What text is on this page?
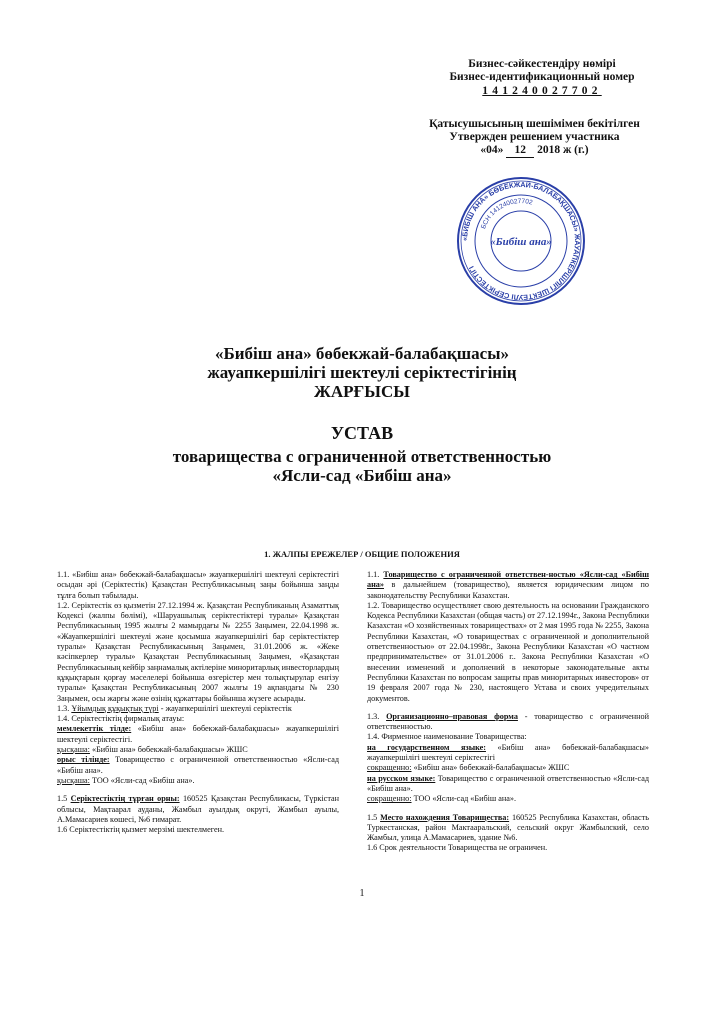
Бизнес-сәйкестендіру нөмірі
Бизнес-идентификационный номер
141240027702
Қатысушысының шешімімен бекітілген
Утвержден решением участника
«04» 12 2018 ж (г.)
«БИБІШ АНА» БӨБЕКЖАЙ-БАЛАБАҚШАСЫ» ЖАУАПКЕРШІЛІГІ ШЕКТЕУЛІ СЕРІКТЕСТІГІ
БСН 141240027702
«Бибіш ана»
«Бибіш ана» бөбекжай-балабақшасы»
жауапкершілігі шектеулі серіктестігінің
ЖАРҒЫСЫ
УСТАВ
товарищества с ограниченной ответственностью
«Ясли-сад «Бибіш ана»
1. ЖАЛПЫ ЕРЕЖЕЛЕР / ОБЩИЕ ПОЛОЖЕНИЯ

1.1. «Бибіш ана» бөбекжай-балабақшасы» жауапкершілігі шектеулі серіктестігі осыдан әрі (Серіктестік) Қазақстан Республикасының заңы бойынша заңды тұлға болып табылады.

1.2. Серіктестік өз қызметін 27.12.1994 ж. Қазақстан Республиканың Азаматтық Кодексі (жалпы бөлімі), «Шаруашылық серіктестіктері туралы» Қазақстан Республикасының 1995 жылғы 2 мамырдағы № 2255 Заңымен, 22.04.1998 ж. «Жауапкершілігі шектеулі және қосымша жауапкершілігі бар серіктестіктер туралы» Қазақстан Республикасының Заңымен, 31.01.2006 ж. «Жеке кәсіпкерлер туралы» Қазақстан Республикасының Заңымен, «Қазақстан Республикасының кейбір заңнамалық актілеріне миноритарлық инвесторлардың құқықтарын қорғау мәселелері бойынша өзгерістер мен толықтырулар енгізу туралы» Қазақстан Республикасының 2007 жылғы 19 ақпандағы № 230 Заңымен, осы жарғы және өзінің құжаттары бойынша жүзеге асырады.

1.3. Ұйымдық құқықтық түрі - жауапкершілігі шектеулі серіктестік

1.4. Серіктестіктің фирмалық атауы:

мемлекеттік тілде: «Бибіш ана» бөбекжай-балабақшасы» жауапкершілігі шектеулі серіктестігі.

қысқаша: «Бибіш ана» бөбекжай-балабақшасы» ЖШС

орыс тілінде: Товарищество с ограниченной ответственностью «Ясли-сад «Бибіш ана».

қысқаша: ТОО «Ясли-сад «Бибіш ана».

1.5 Серіктестіктің тұрған орны: 160525 Қазақстан Республикасы, Түркістан облысы, Мақтаарал ауданы, Жамбыл ауылдық округі, Жамбыл ауылы, А.Мамасариев көшесі, №6 ғимарат.

1.6 Серіктестіктің қызмет мерзімі шектелмеген.

1.1. Товарищество с ограниченной ответствен-ностью «Ясли-сад «Бибіш ана» в дальнейшем (товарищество), является юридическим лицом по законодательству Республики Казахстан.

1.2. Товарищество осуществляет свою деятельность на основании Гражданского Кодекса Республики Казахстан (общая часть) от 27.12.1994г., Закона Республики Казахстан «О хозяйственных товариществах» от 2 мая 1995 года № 2255, Закона Республики Казахстан, «О товариществах с ограниченной и дополнительной ответственностью» от 22.04.1998г., Закона Республики Казахстан «О частном предпринимательстве» от 31.01.2006 г.. Закона Республики Казахстан «О внесении изменений и дополнений в некоторые законодательные акты Республики Казахстан по вопросам защиты прав миноритарных инвесторов» от 19 февраля 2007 года № 230, настоящего Устава и своих учредительных документов.

1.3. Организационно–правовая форма - товарищество с ограниченной ответственностью.

1.4. Фирменное наименование Товарищества:

на государственном языке: «Бибіш ана» бөбекжай-балабақшасы» жауапкершілігі шектеулі серіктестігі

сокращенно: «Бибіш ана» бөбекжай-балабақшасы» ЖШС

на русском языке: Товарищество с ограниченной ответственностью «Ясли-сад «Бибіш ана».

сокращенно: ТОО «Ясли-сад «Бибіш ана».

1.5 Место нахождения Товарищества: 160525 Республика Казахстан, область Туркестанская, район Мактааральский, сельский округ Жамбылский, село Жамбыл, улица А.Мамасариев, здание №6.

1.6 Срок деятельности Товарищества не ограничен.

1
